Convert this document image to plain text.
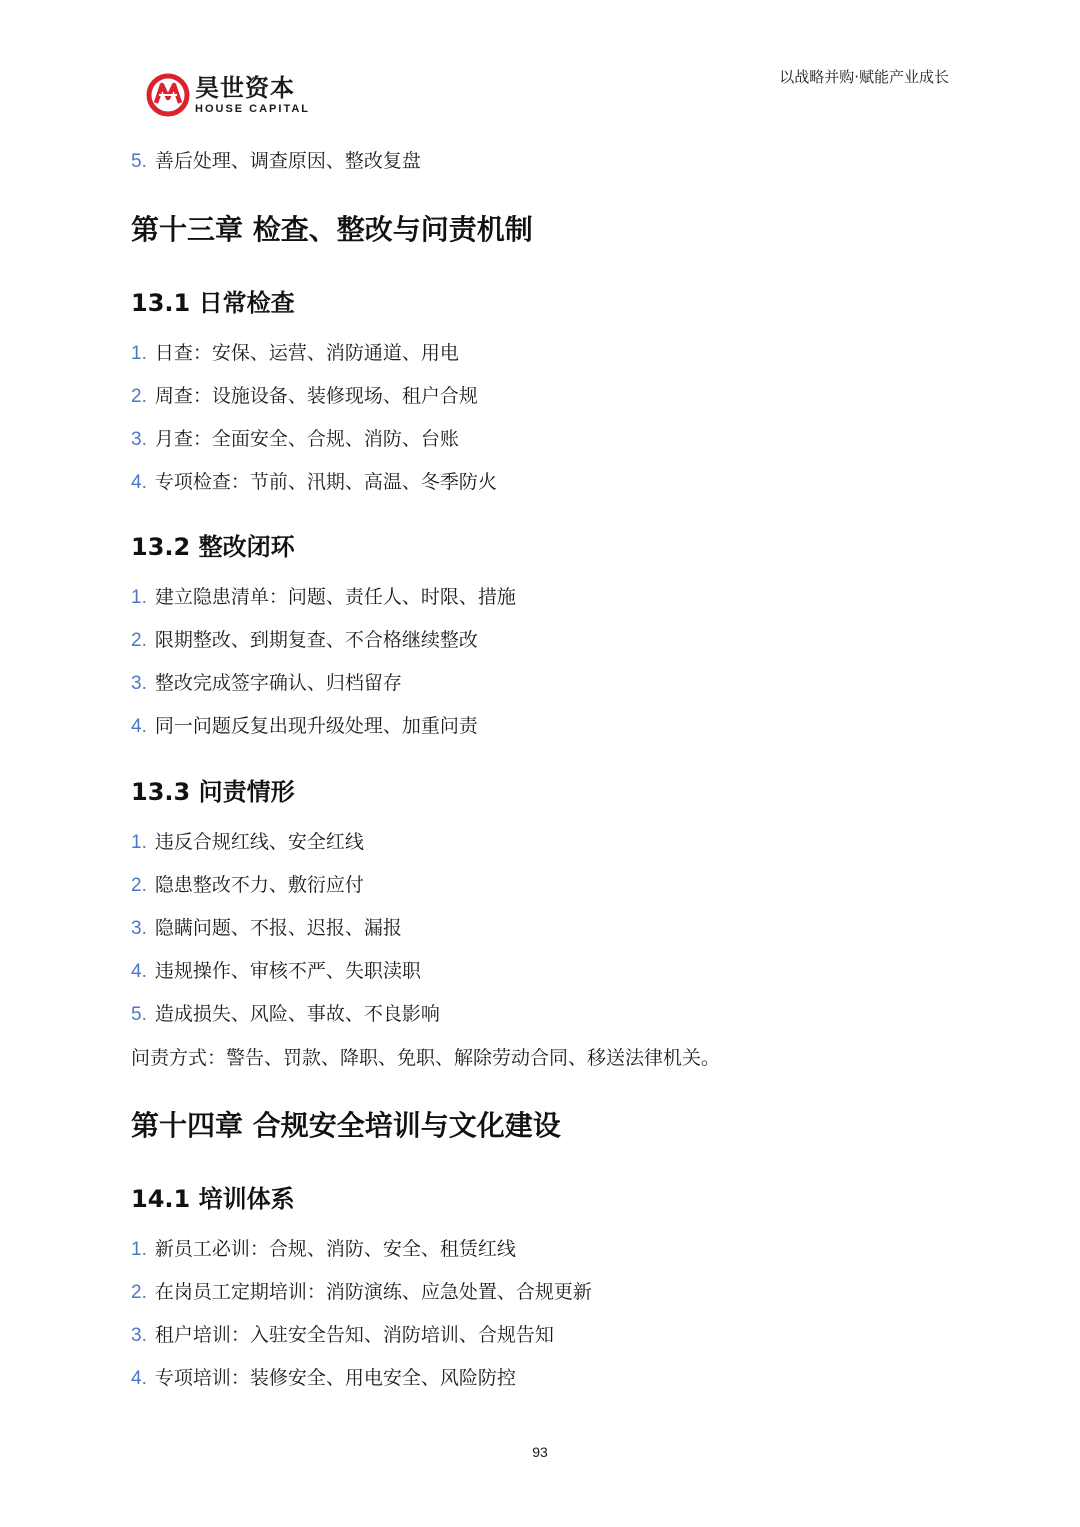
昊世资本
HOUSE CAPITAL
以战略并购·赋能产业成长
5. 善后处理、调查原因、整改复盘
第十三章 检查、整改与问责机制
13.1 日常检查
1. 日查：安保、运营、消防通道、用电
2. 周查：设施设备、装修现场、租户合规
3. 月查：全面安全、合规、消防、台账
4. 专项检查：节前、汛期、高温、冬季防火
13.2 整改闭环
1. 建立隐患清单：问题、责任人、时限、措施
2. 限期整改、到期复查、不合格继续整改
3. 整改完成签字确认、归档留存
4. 同一问题反复出现升级处理、加重问责
13.3 问责情形
1. 违反合规红线、安全红线
2. 隐患整改不力、敷衍应付
3. 隐瞒问题、不报、迟报、漏报
4. 违规操作、审核不严、失职渎职
5. 造成损失、风险、事故、不良影响
问责方式：警告、罚款、降职、免职、解除劳动合同、移送法律机关。
第十四章 合规安全培训与文化建设
14.1 培训体系
1. 新员工必训：合规、消防、安全、租赁红线
2. 在岗员工定期培训：消防演练、应急处置、合规更新
3. 租户培训：入驻安全告知、消防培训、合规告知
4. 专项培训：装修安全、用电安全、风险防控
93
